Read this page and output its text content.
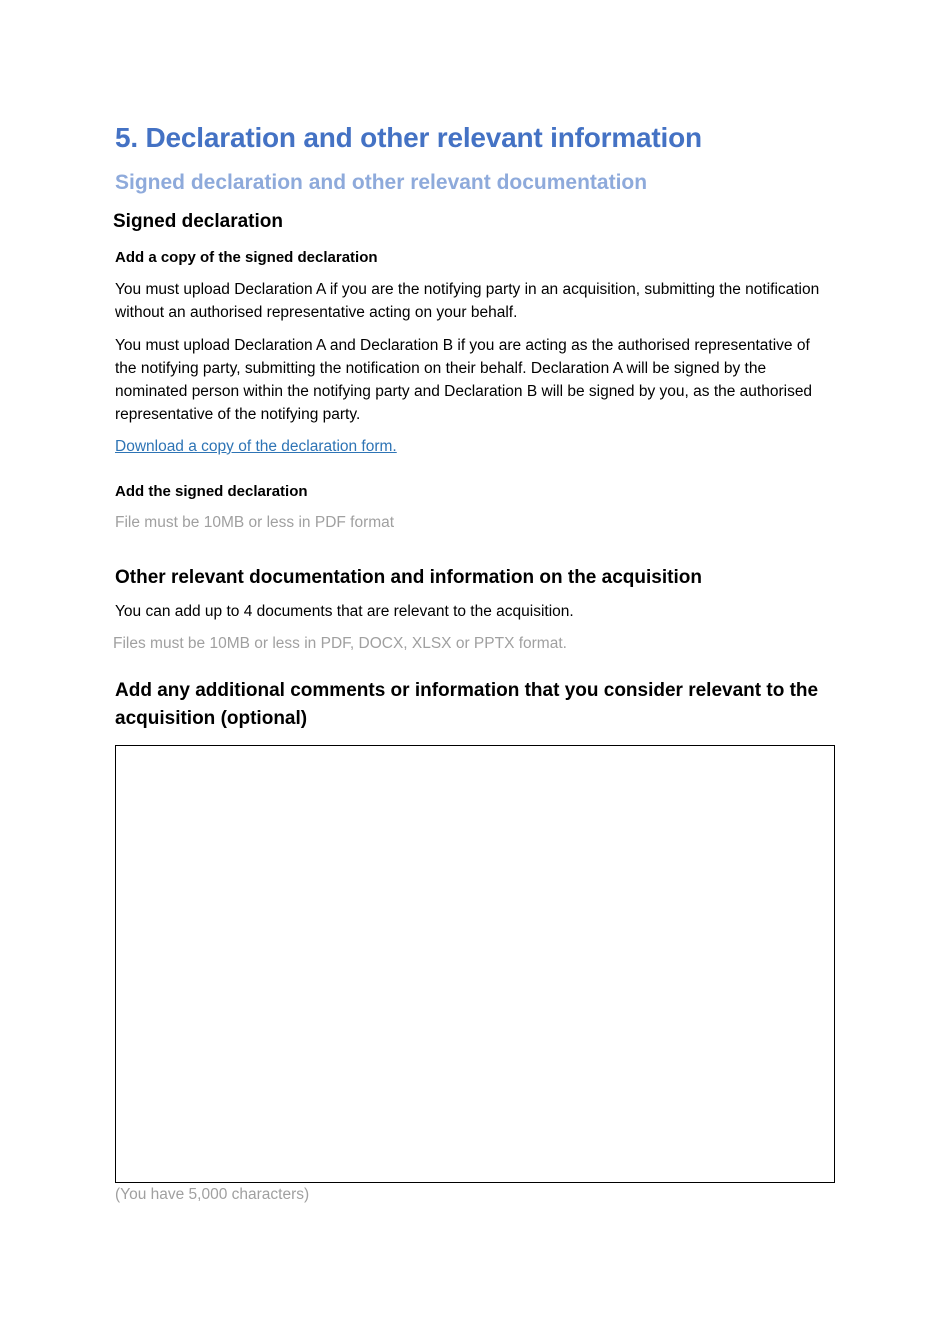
5. Declaration and other relevant information
Signed declaration and other relevant documentation
Signed declaration
Add a copy of the signed declaration
You must upload Declaration A if you are the notifying party in an acquisition, submitting the notification without an authorised representative acting on your behalf.
You must upload Declaration A and Declaration B if you are acting as the authorised representative of the notifying party, submitting the notification on their behalf. Declaration A will be signed by the nominated person within the notifying party and Declaration B will be signed by you, as the authorised representative of the notifying party.
Download a copy of the declaration form.
Add the signed declaration
File must be 10MB or less in PDF format
Other relevant documentation and information on the acquisition
You can add up to 4 documents that are relevant to the acquisition.
Files must be 10MB or less in PDF, DOCX, XLSX or PPTX format.
Add any additional comments or information that you consider relevant to the acquisition (optional)
(You have 5,000 characters)
